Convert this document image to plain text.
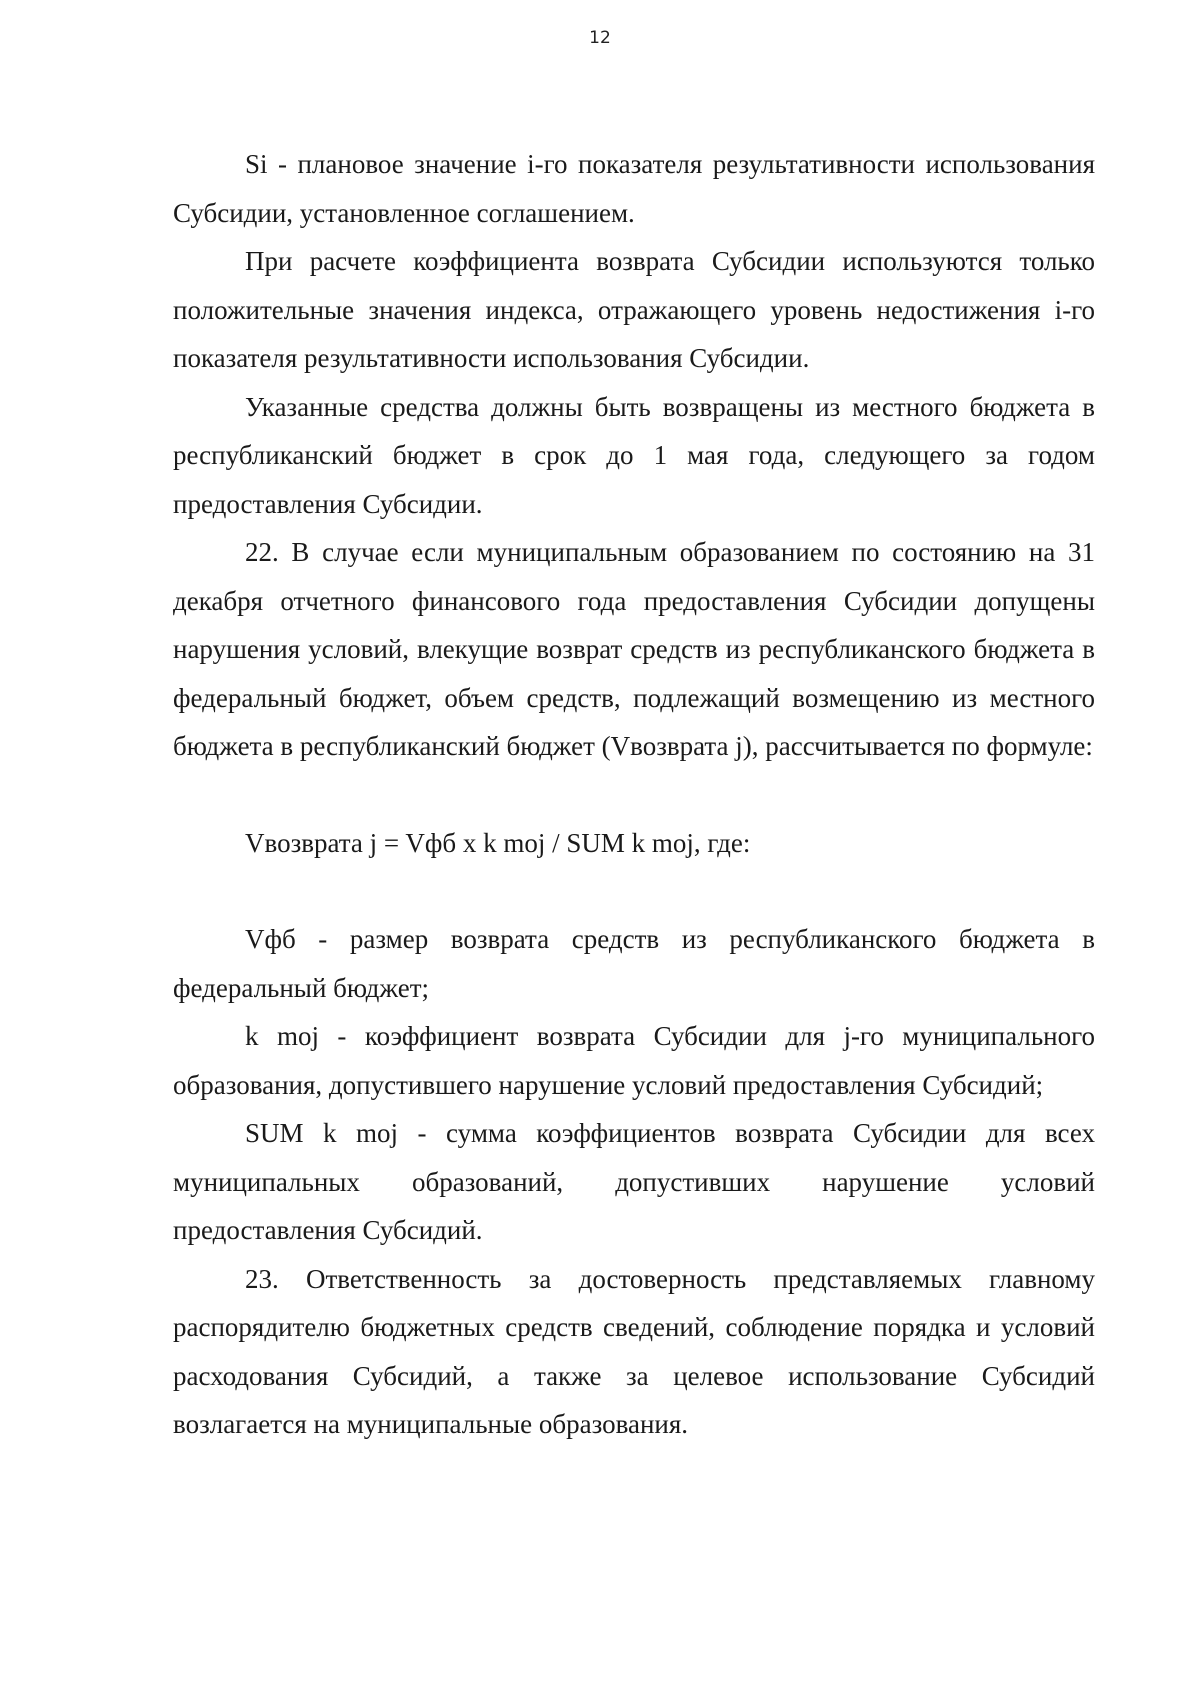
12

Si - плановое значение i-го показателя результативности использования Субсидии, установленное соглашением.

При расчете коэффициента возврата Субсидии используются только положительные значения индекса, отражающего уровень недостижения i-го показателя результативности использования Субсидии.

Указанные средства должны быть возвращены из местного бюджета в республиканский бюджет в срок до 1 мая года, следующего за годом предоставления Субсидии.

22. В случае если муниципальным образованием по состоянию на 31 декабря отчетного финансового года предоставления Субсидии допущены нарушения условий, влекущие возврат средств из республиканского бюджета в федеральный бюджет, объем средств, подлежащий возмещению из местного бюджета в республиканский бюджет (Vвозврата j), рассчитывается по формуле:

Vвозврата j = Vфб x k moj / SUM k moj, где:

Vфб - размер возврата средств из республиканского бюджета в федеральный бюджет;

k moj - коэффициент возврата Субсидии для j-го муниципального образования, допустившего нарушение условий предоставления Субсидий;

SUM k moj - сумма коэффициентов возврата Субсидии для всех муниципальных образований, допустивших нарушение условий предоставления Субсидий.

23. Ответственность за достоверность представляемых главному распорядителю бюджетных средств сведений, соблюдение порядка и условий расходования Субсидий, а также за целевое использование Субсидий возлагается на муниципальные образования.
